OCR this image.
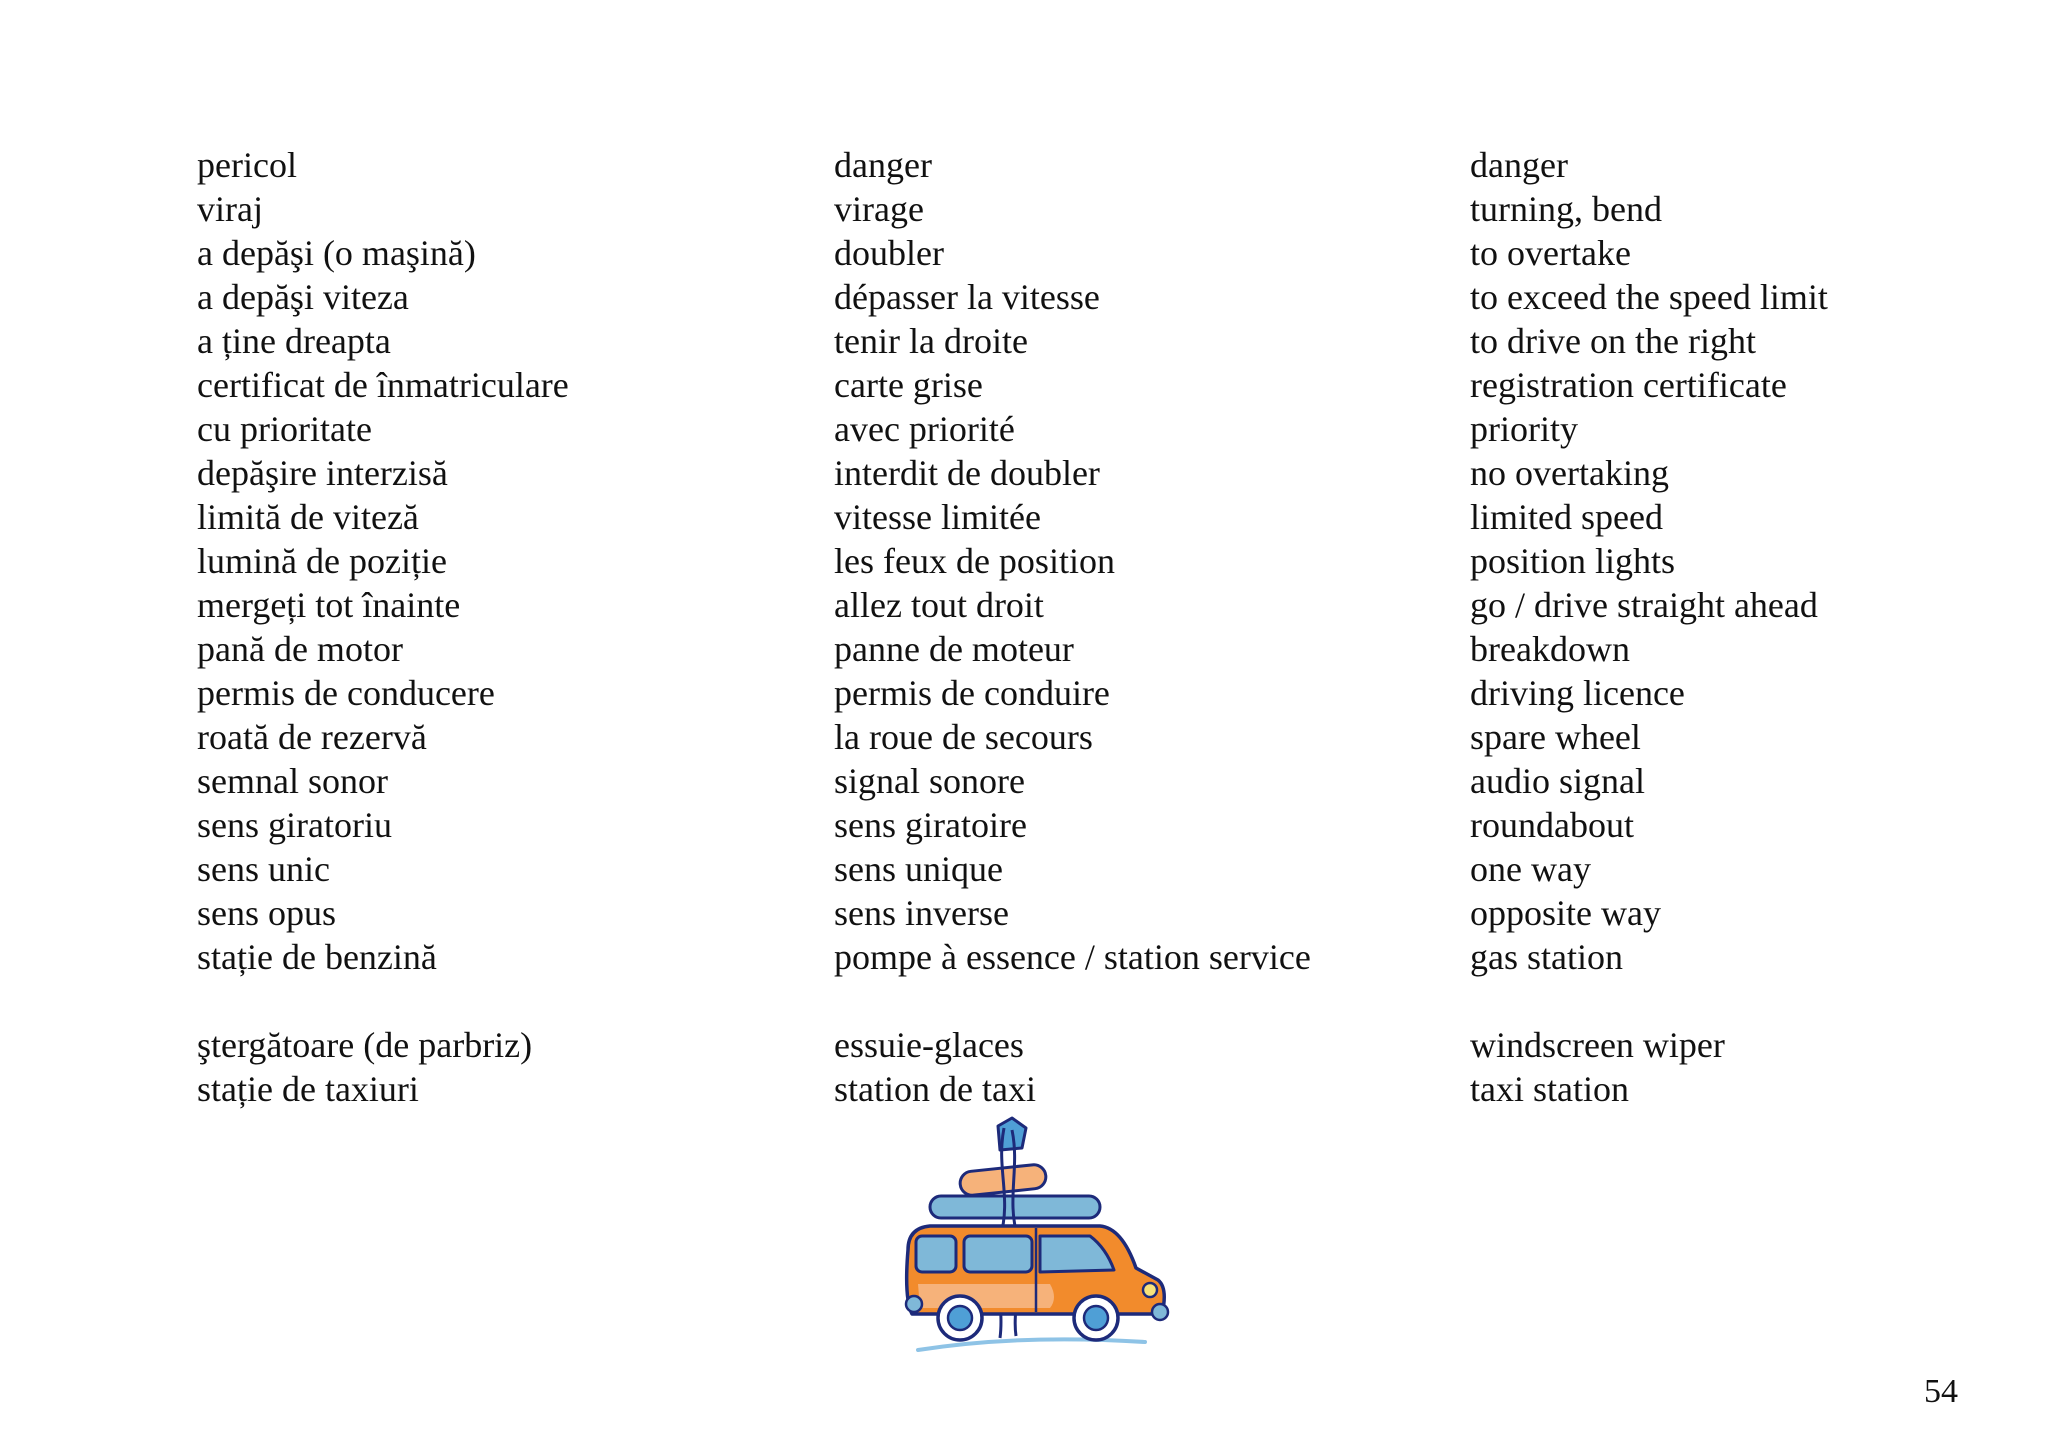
pericol	danger	danger
viraj	virage	turning, bend
a depăşi (o maşină)	doubler	to overtake
a depăşi viteza	dépasser la vitesse	to exceed the speed limit
a ține dreapta	tenir la droite	to drive on the right
certificat de înmatriculare	carte grise	registration certificate
cu prioritate	avec priorité	priority
depăşire interzisă	interdit de doubler	no overtaking
limită de viteză	vitesse limitée	limited speed
lumină de poziție	les feux de position	position lights
mergeți tot înainte	allez tout droit	go / drive straight ahead
pană de motor	panne de moteur	breakdown
permis de conducere	permis de conduire	driving licence
roată de rezervă	la roue de secours	spare wheel
semnal sonor	signal sonore	audio signal
sens giratoriu	sens giratoire	roundabout
sens unic	sens unique	one way
sens opus	sens inverse	opposite way
stație de benzină	pompe à essence / station service	gas station
ştergătoare (de parbriz)	essuie-glaces	windscreen wiper
stație de taxiuri	station de taxi	taxi station
54
